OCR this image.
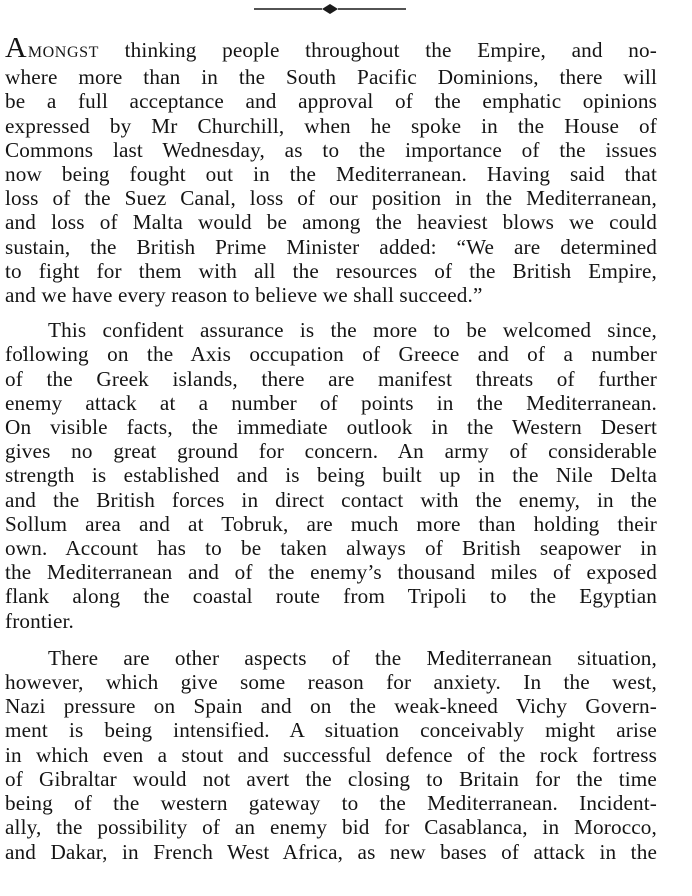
AMONGST thinking people throughout the Empire, and no-
where more than in the South Pacific Dominions, there will
be a full acceptance and approval of the emphatic opinions
expressed by Mr Churchill, when he spoke in the House of
Commons last Wednesday, as to the importance of the issues
now being fought out in the Mediterranean. Having said that
loss of the Suez Canal, loss of our position in the Mediterranean,
and loss of Malta would be among the heaviest blows we could
sustain, the British Prime Minister added: “We are determined
to fight for them with all the resources of the British Empire,
and we have every reason to believe we shall succeed.”

This confident assurance is the more to be welcomed since,
following on the Axis occupation of Greece and of a number
of the Greek islands, there are manifest threats of further
enemy attack at a number of points in the Mediterranean.
On visible facts, the immediate outlook in the Western Desert
gives no great ground for concern. An army of considerable
strength is established and is being built up in the Nile Delta
and the British forces in direct contact with the enemy, in the
Sollum area and at Tobruk, are much more than holding their
own. Account has to be taken always of British seapower in
the Mediterranean and of the enemy’s thousand miles of exposed
flank along the coastal route from Tripoli to the Egyptian
frontier.

There are other aspects of the Mediterranean situation,
however, which give some reason for anxiety. In the west,
Nazi pressure on Spain and on the weak-kneed Vichy Govern-
ment is being intensified. A situation conceivably might arise
in which even a stout and successful defence of the rock fortress
of Gibraltar would not avert the closing to Britain for the time
being of the western gateway to the Mediterranean. Incident-
ally, the possibility of an enemy bid for Casablanca, in Morocco,
and Dakar, in French West Africa, as new bases of attack in the
